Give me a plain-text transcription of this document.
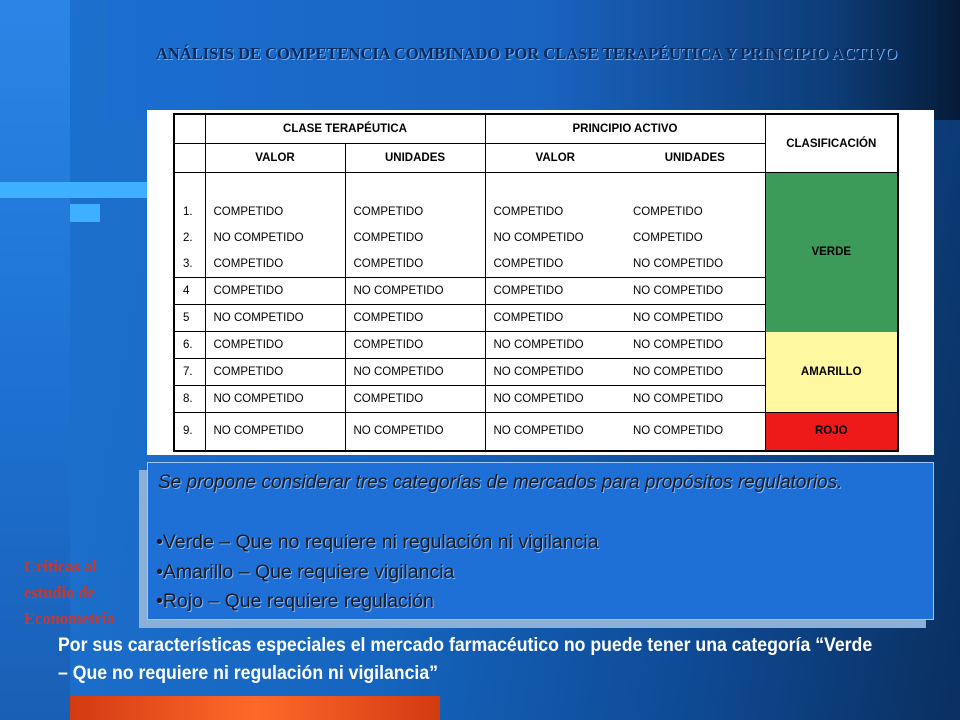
ANÁLISIS DE COMPETENCIA COMBINADO POR CLASE TERAPÉUTICA Y PRINCIPIO ACTIVO
	CLASE TERAPÉUTICA		PRINCIPIO ACTIVO		CLASIFICACIÓN
	VALOR	UNIDADES	VALOR	UNIDADES	
					VERDE
1.	COMPETIDO	COMPETIDO	COMPETIDO	COMPETIDO	
2.	NO COMPETIDO	COMPETIDO	NO COMPETIDO	COMPETIDO	
3.	COMPETIDO	COMPETIDO	COMPETIDO	NO COMPETIDO	
4	COMPETIDO	NO COMPETIDO	COMPETIDO	NO COMPETIDO	
5	NO COMPETIDO	COMPETIDO	COMPETIDO	NO COMPETIDO	
6.	COMPETIDO	COMPETIDO	NO COMPETIDO	NO COMPETIDO	AMARILLO
7.	COMPETIDO	NO COMPETIDO	NO COMPETIDO	NO COMPETIDO	
8.	NO COMPETIDO	COMPETIDO	NO COMPETIDO	NO COMPETIDO	
9.	NO COMPETIDO	NO COMPETIDO	NO COMPETIDO	NO COMPETIDO	ROJO
Se propone considerar tres categorías de mercados para propósitos regulatorios.
•Verde – Que no requiere ni regulación ni vigilancia
•Amarillo – Que requiere vigilancia
•Rojo – Que requiere regulación
Críticas al
estudio de
Econometría
Por sus características especiales el mercado farmacéutico no puede tener una categoría “Verde – Que no requiere ni regulación ni vigilancia”
